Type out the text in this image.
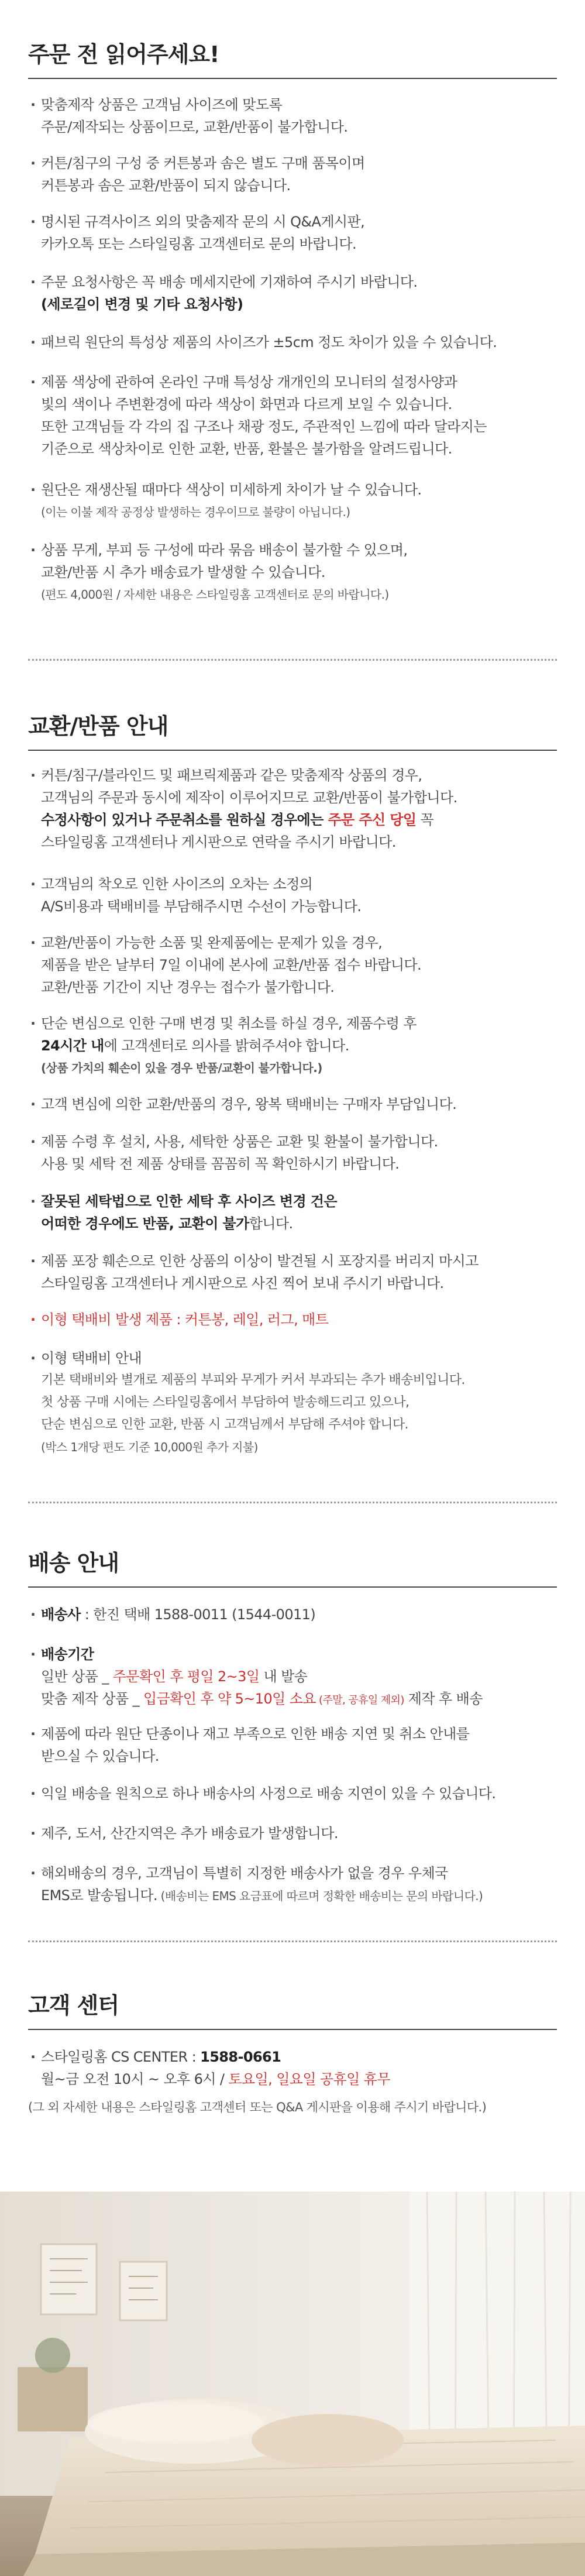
주문 전 읽어주세요!
· 맞춤제작 상품은 고객님 사이즈에 맞도록
주문/제작되는 상품이므로, 교환/반품이 불가합니다.
· 커튼/침구의 구성 중 커튼봉과 솜은 별도 구매 품목이며
커튼봉과 솜은 교환/반품이 되지 않습니다.
· 명시된 규격사이즈 외의 맞춤제작 문의 시 Q&A게시판,
카카오톡 또는 스타일링홈 고객센터로 문의 바랍니다.
· 주문 요청사항은 꼭 배송 메세지란에 기재하여 주시기 바랍니다.
(세로길이 변경 및 기타 요청사항)
· 패브릭 원단의 특성상 제품의 사이즈가 ±5cm 정도 차이가 있을 수 있습니다.
· 제품 색상에 관하여 온라인 구매 특성상 개개인의 모니터의 설정사양과
빛의 색이나 주변환경에 따라 색상이 화면과 다르게 보일 수 있습니다.
또한 고객님들 각 각의 집 구조나 채광 정도, 주관적인 느낌에 따라 달라지는
기준으로 색상차이로 인한 교환, 반품, 환불은 불가함을 알려드립니다.
· 원단은 재생산될 때마다 색상이 미세하게 차이가 날 수 있습니다.
(이는 이불 제작 공정상 발생하는 경우이므로 불량이 아닙니다.)
· 상품 무게, 부피 등 구성에 따라 묶음 배송이 불가할 수 있으며,
교환/반품 시 추가 배송료가 발생할 수 있습니다.
(편도 4,000원 / 자세한 내용은 스타일링홈 고객센터로 문의 바랍니다.)
교환/반품 안내
· 커튼/침구/블라인드 및 패브릭제품과 같은 맞춤제작 상품의 경우,
고객님의 주문과 동시에 제작이 이루어지므로 교환/반품이 불가합니다.
수정사항이 있거나 주문취소를 원하실 경우에는 주문 주신 당일 꼭
스타일링홈 고객센터나 게시판으로 연락을 주시기 바랍니다.
· 고객님의 착오로 인한 사이즈의 오차는 소정의
A/S비용과 택배비를 부담해주시면 수선이 가능합니다.
· 교환/반품이 가능한 소품 및 완제품에는 문제가 있을 경우,
제품을 받은 날부터 7일 이내에 본사에 교환/반품 접수 바랍니다.
교환/반품 기간이 지난 경우는 접수가 불가합니다.
· 단순 변심으로 인한 구매 변경 및 취소를 하실 경우, 제품수령 후
24시간 내에 고객센터로 의사를 밝혀주셔야 합니다.
(상품 가치의 훼손이 있을 경우 반품/교환이 불가합니다.)
· 고객 변심에 의한 교환/반품의 경우, 왕복 택배비는 구매자 부담입니다.
· 제품 수령 후 설치, 사용, 세탁한 상품은 교환 및 환불이 불가합니다.
사용 및 세탁 전 제품 상태를 꼼꼼히 꼭 확인하시기 바랍니다.
· 잘못된 세탁법으로 인한 세탁 후 사이즈 변경 건은
어떠한 경우에도 반품, 교환이 불가합니다.
· 제품 포장 훼손으로 인한 상품의 이상이 발견될 시 포장지를 버리지 마시고
스타일링홈 고객센터나 게시판으로 사진 찍어 보내 주시기 바랍니다.
· 이형 택배비 발생 제품 : 커튼봉, 레일, 러그, 매트
· 이형 택배비 안내
기본 택배비와 별개로 제품의 부피와 무게가 커서 부과되는 추가 배송비입니다.
첫 상품 구매 시에는 스타일링홈에서 부담하여 발송해드리고 있으나,
단순 변심으로 인한 교환, 반품 시 고객님께서 부담해 주셔야 합니다.
(박스 1개당 편도 기준 10,000원 추가 지불)
배송 안내
· 배송사 : 한진 택배 1588-0011 (1544-0011)
· 배송기간
일반 상품 _ 주문확인 후 평일 2~3일 내 발송
맞춤 제작 상품 _ 입금확인 후 약 5~10일 소요 (주말, 공휴일 제외) 제작 후 배송
· 제품에 따라 원단 단종이나 재고 부족으로 인한 배송 지연 및 취소 안내를
받으실 수 있습니다.
· 익일 배송을 원칙으로 하나 배송사의 사정으로 배송 지연이 있을 수 있습니다.
· 제주, 도서, 산간지역은 추가 배송료가 발생합니다.
· 해외배송의 경우, 고객님이 특별히 지정한 배송사가 없을 경우 우체국
EMS로 발송됩니다. (배송비는 EMS 요금표에 따르며 정확한 배송비는 문의 바랍니다.)
고객 센터
· 스타일링홈 CS CENTER : 1588-0661
월~금 오전 10시 ~ 오후 6시 / 토요일, 일요일 공휴일 휴무
(그 외 자세한 내용은 스타일링홈 고객센터 또는 Q&A 게시판을 이용해 주시기 바랍니다.)
